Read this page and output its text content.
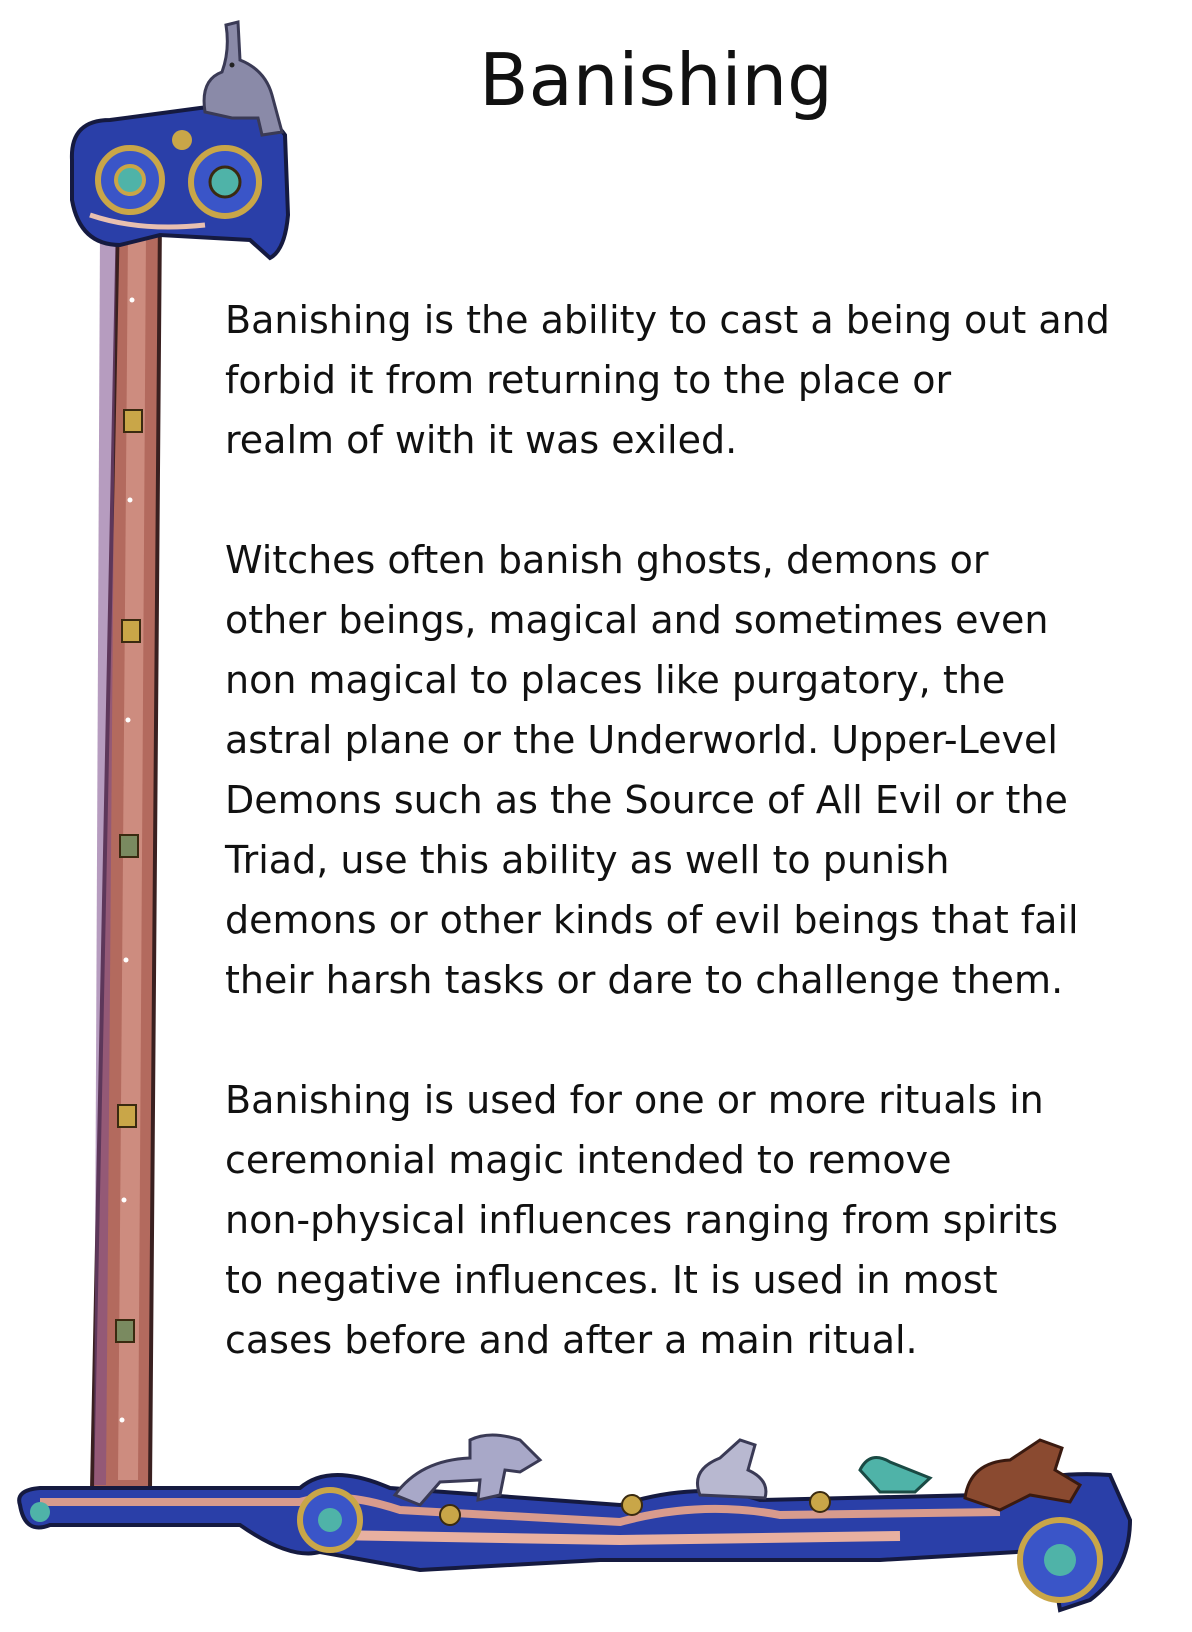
Banishing

Banishing is the ability to cast a being out and
forbid it from returning to the place or
realm of with it was exiled.

Witches often banish ghosts, demons or
other beings, magical and sometimes even
non magical to places like purgatory, the
astral plane or the Underworld. Upper-Level
Demons such as the Source of All Evil or the
Triad, use this ability as well to punish
demons or other kinds of evil beings that fail
their harsh tasks or dare to challenge them.

Banishing is used for one or more rituals in
ceremonial magic intended to remove
non-physical influences ranging from spirits
to negative influences. It is used in most
cases before and after a main ritual.
